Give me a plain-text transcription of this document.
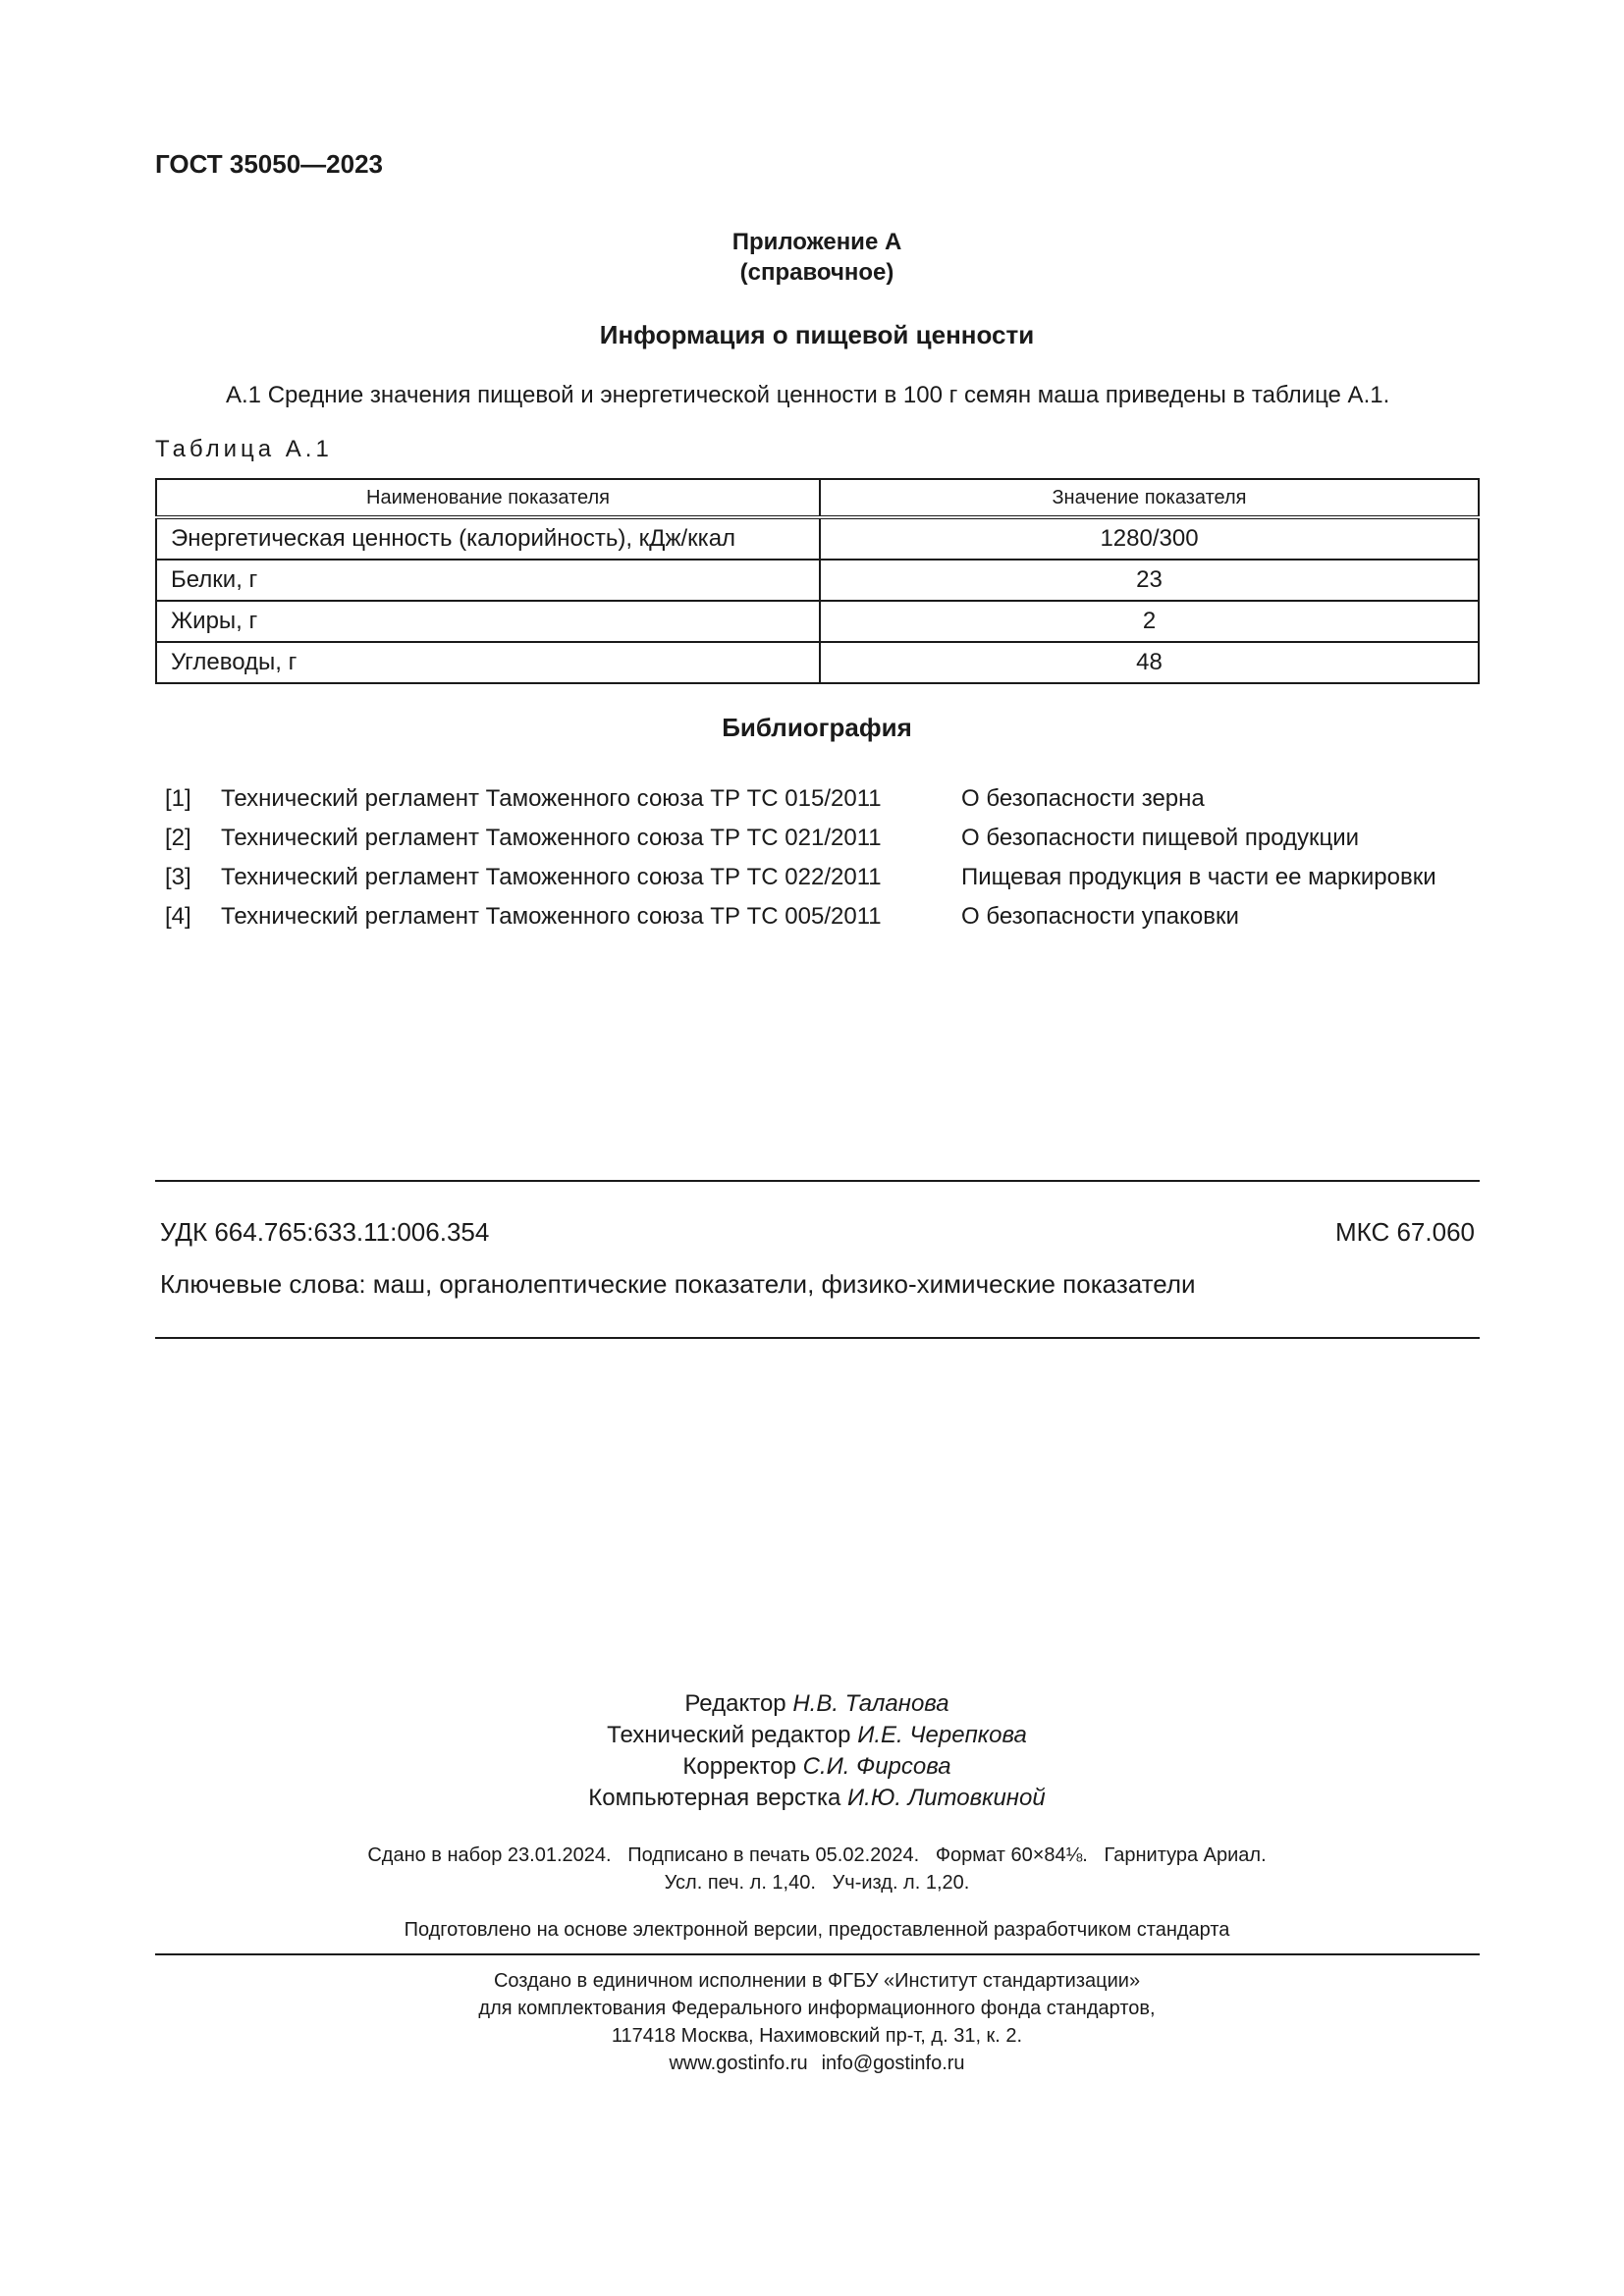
ГОСТ 35050—2023
Приложение А
(справочное)
Информация о пищевой ценности
А.1 Средние значения пищевой и энергетической ценности в 100 г семян маша приведены в таблице А.1.
Таблица А.1
Наименование показателя	Значение показателя
Энергетическая ценность (калорийность), кДж/ккал	1280/300
Белки, г	23
Жиры, г	2
Углеводы, г	48
Библиография
[1] Технический регламент Таможенного союза ТР ТС 015/2011	О безопасности зерна
[2] Технический регламент Таможенного союза ТР ТС 021/2011	О безопасности пищевой продукции
[3] Технический регламент Таможенного союза ТР ТС 022/2011	Пищевая продукция в части ее маркировки
[4] Технический регламент Таможенного союза ТР ТС 005/2011	О безопасности упаковки
УДК 664.765:633.11:006.354	МКС 67.060
Ключевые слова: маш, органолептические показатели, физико-химические показатели
Редактор Н.В. Таланова
Технический редактор И.Е. Черепкова
Корректор С.И. Фирсова
Компьютерная верстка И.Ю. Литовкиной
Сдано в набор 23.01.2024.   Подписано в печать 05.02.2024.   Формат 60×84⅛.   Гарнитура Ариал.
Усл. печ. л. 1,40.   Уч-изд. л. 1,20.
Подготовлено на основе электронной версии, предоставленной разработчиком стандарта
Создано в единичном исполнении в ФГБУ «Институт стандартизации»
для комплектования Федерального информационного фонда стандартов,
117418 Москва, Нахимовский пр-т, д. 31, к. 2.
www.gostinfo.ru info@gostinfo.ru
